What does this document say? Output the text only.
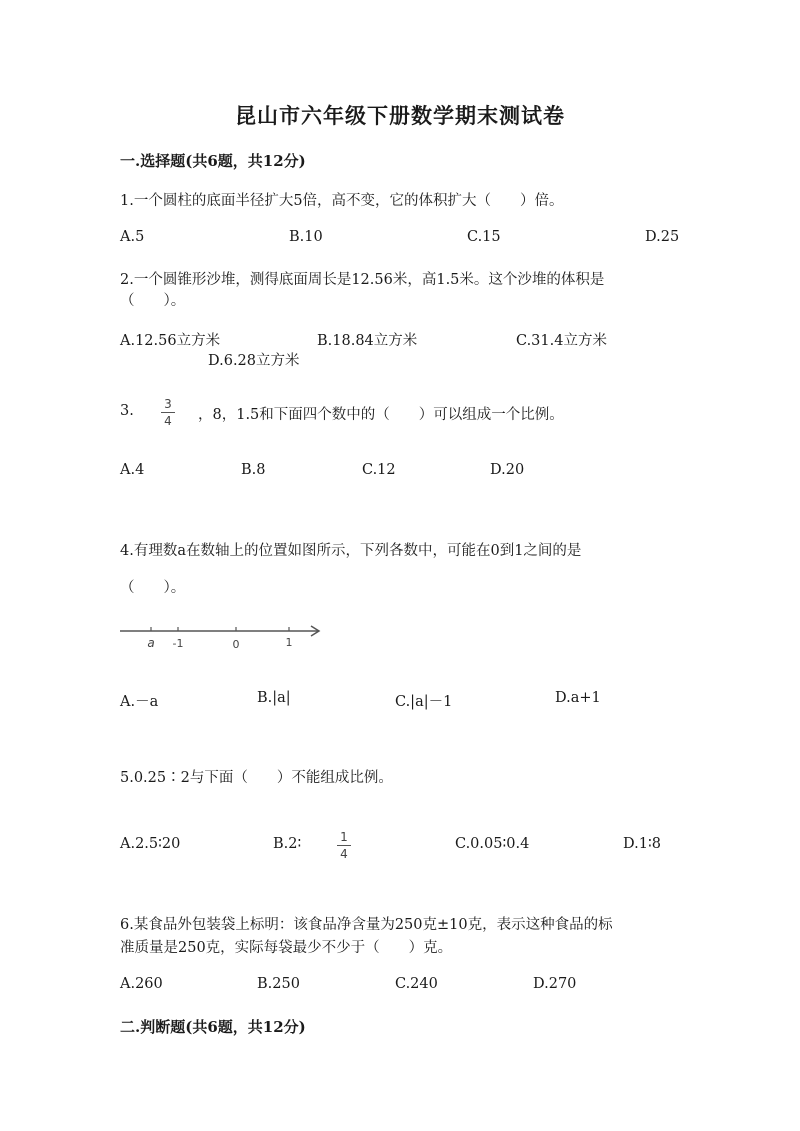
昆山市六年级下册数学期末测试卷
一.选择题(共6题，共12分)
1.一个圆柱的底面半径扩大5倍，高不变，它的体积扩大（　　）倍。
A.5	B.10	C.15	D.25
2.一个圆锥形沙堆，测得底面周长是12.56米，高1.5米。这个沙堆的体积是
（　　）。
A.12.56立方米	B.18.84立方米	C.31.4立方米
D.6.28立方米
3.	3
4 ，8，1.5和下面四个数中的（　　）可以组成一个比例。
A.4	B.8	C.12	D.20
4.有理数a在数轴上的位置如图所示，下列各数中，可能在0到1之间的是
（　　）。
a -1	0	1
A.－a	B.|a|	C.|a|－1	D.a+1
5.0.25∶2与下面（　　）不能组成比例。
A.2.5∶20	B.2∶	1
4
C.0.05∶0.4	D.1∶8
6.某食品外包装袋上标明：该食品净含量为250克±10克，表示这种食品的标
准质量是250克，实际每袋最少不少于（　　）克。
A.260	B.250	C.240	D.270
二.判断题(共6题，共12分)
